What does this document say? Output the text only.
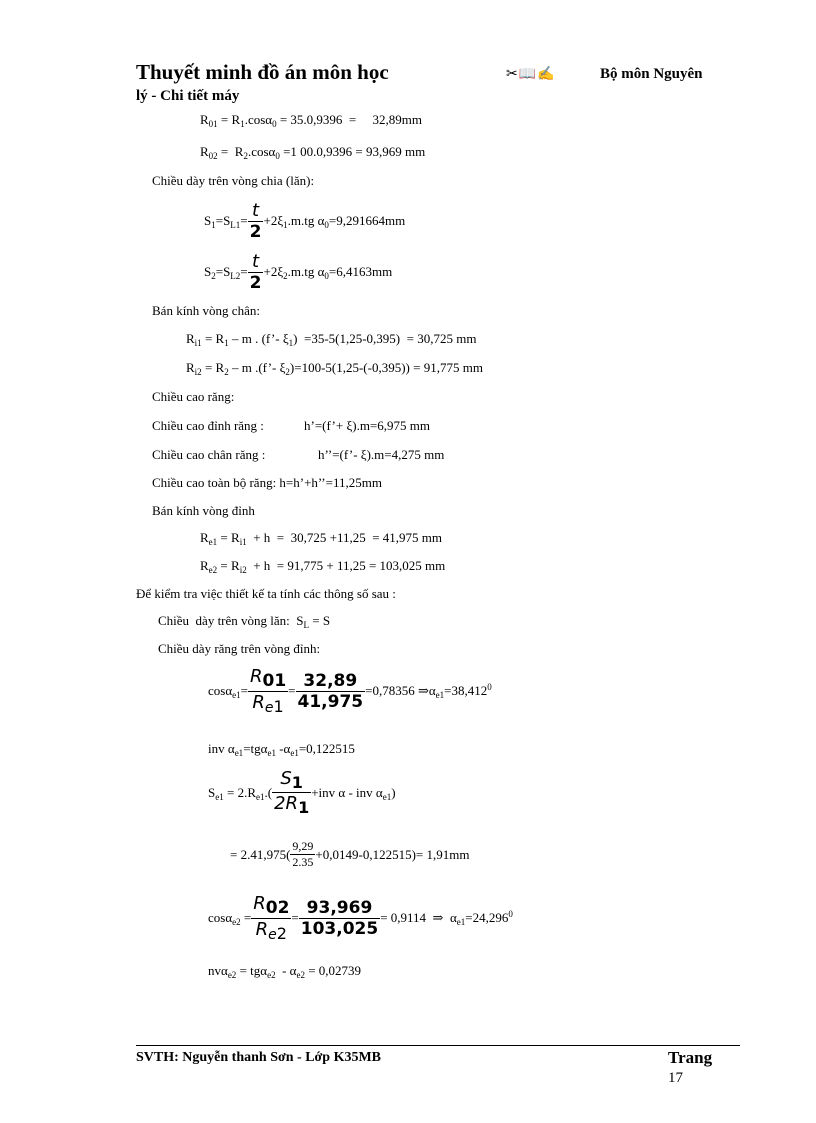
Thuyết minh đồ án môn học	✂📖✍	Bộ môn Nguyên
lý - Chi tiết máy
$R_{01} = R_1.\cos\alpha_0 = 35.0,9396$  =     32,89mm
$R_{02} = R_2.\cos\alpha_0 =1$ 00.0,9396 = 93,969 mm
Chiều dày trên vòng chia (lăn):
$S_1=S_{L1}= \frac{t}{2} +2\xi_1.m.tg$ $\alpha_0=9,291664mm$
$S_2=S_{L2}= \frac{t}{2} +2\xi_2.m.tg$ $\alpha_0=6,4163mm$
Bán kính vòng chân:
$R_{i1} = R_1 - m$ . (f’- $\xi_1) =35-5(1,25-0,395) = 30,725$ mm
$R_{i2} = R_2 - m$ .(f’- $\xi_2)=100-5(1,25-(-0,395)) = 91,775$ mm
Chiều cao răng:
Chiều cao đỉnh răng :	h’=(f’+ ξ).m=6,975 mm
Chiều cao chân răng :	h’’=(f’- ξ).m=4,275 mm
Chiều cao toàn bộ răng: h=h’+h’’=11,25mm
Bán kính vòng đỉnh
$R_{e1} = R_{i1} + h = 30,725 +11,25 = 41,975$ mm
$R_{e2} = R_{i2} + h = 91,775 + 11,25 = 103,025$ mm
Để kiểm tra việc thiết kế ta tính các thông số sau :
Chiều  dày trên vòng lăn:  $S_L = S$
Chiều dày răng trên vòng đỉnh:
$\cos\alpha_{e1}= \frac{R01}{R_e1} = \frac{32,89}{41,975} =0,78356$ $\Rightarrow\alpha_{e1}=38,412^0$
inv $\alpha_{e1}=tg\alpha_{e1}$ $-\alpha_{e1}=0,122515$
$S_{e1} = 2.R_{e1}.( \frac{S1}{2R1} +inv$ α - inv $\alpha_{e1}$)
= $2.41,975( \frac{9,29}{2.35} +0,0149-0,122515)= 1,91mm$
$\cos\alpha_{e2} = \frac{R02}{R_e2} = \frac{93,969}{103,025} = 0,9114$  ⇒  $\alpha_{e1}=24,296^0$
$nv\alpha_{e2} = tg\alpha_{e2} - \alpha_{e2} = 0,02739$
SVTH: Nguyễn thanh Sơn - Lớp K35MB	Trang
17
